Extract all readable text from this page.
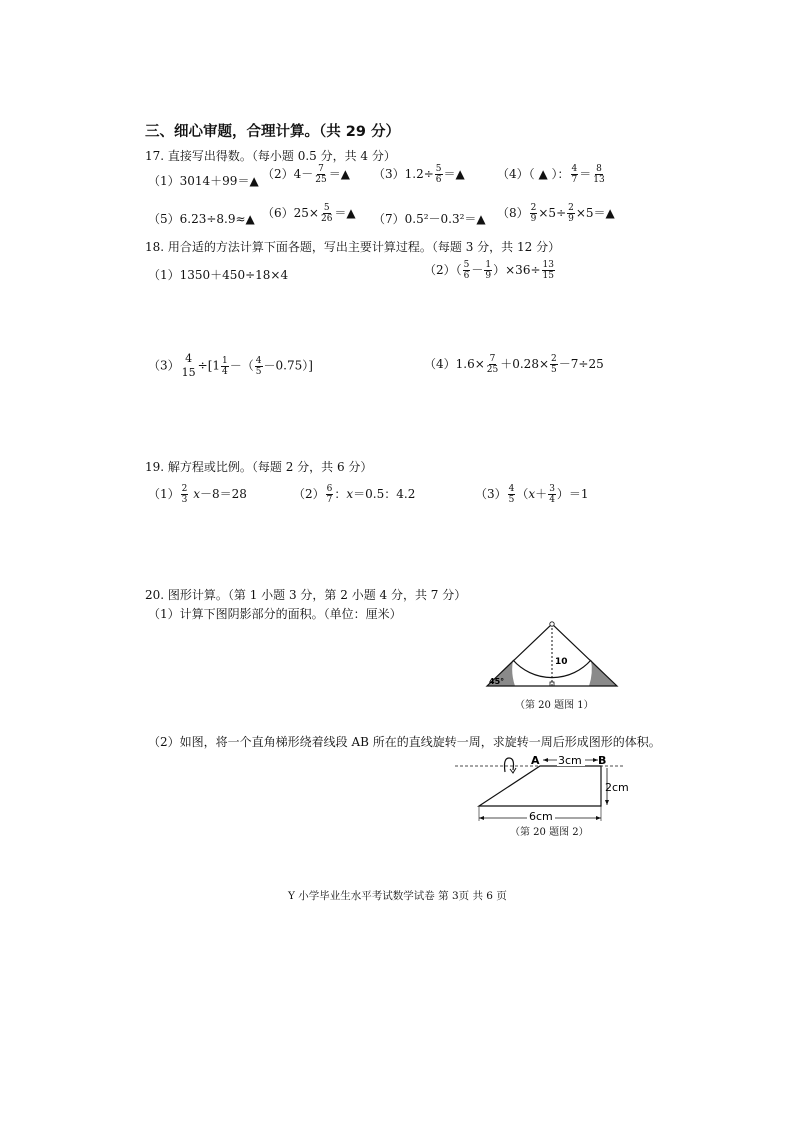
三、细心审题，合理计算。（共 29 分）
17. 直接写出得数。（每小题 0.5 分，共 4 分）
（1）3014＋99＝▲ $(2)4- \frac{7}{25}$ ＝▲ $(3)1.2\div \frac{5}{6}$ ＝▲	（4）（ ▲ ）： $\frac{4}{7} = \frac{8}{13}$
（5）6.23÷8.9≈▲ $(6)25\times \frac{5}{26}$ ＝▲ （7）0.5²－0.3²＝▲ $(8) \frac{2}{9} \times 5\div \frac{2}{9}$ ×5＝▲
18. 用合适的方法计算下面各题，写出主要计算过程。（每题 3 分，共 12 分）
（1）1350＋450÷18×4	$(2)( \frac{5}{6} - \frac{1}{9} )\times 36\div \frac{13}{15}$
（3） 4
$15 \div[1 \frac{1}{4}$ －（ $\frac{4}{5} -0.75$）]	$(4)1.6\times \frac{7}{25} +0.28\times \frac{2}{5} -7\div 25$
19. 解方程或比例。（每题 2 分，共 6 分）
$(1) \frac{2}{3} x-8=28$	$(2) \frac{6}{7}$ ：x＝0.5：4.2	$(3) \frac{4}{5} (x+ \frac{3}{4} )=1$
20. 图形计算。（第 1 小题 3 分，第 2 小题 4 分，共 7 分）
（1）计算下图阴影部分的面积。（单位：厘米）
10
45°
（第 20 题图 1）
（2）如图，将一个直角梯形绕着线段 AB 所在的直线旋转一周，求旋转一周后形成图形的体积。
3cm
A	B
2cm
6cm
（第 20 题图 2）
Y 小学毕业生水平考试数学试卷 第 3页 共 6 页
